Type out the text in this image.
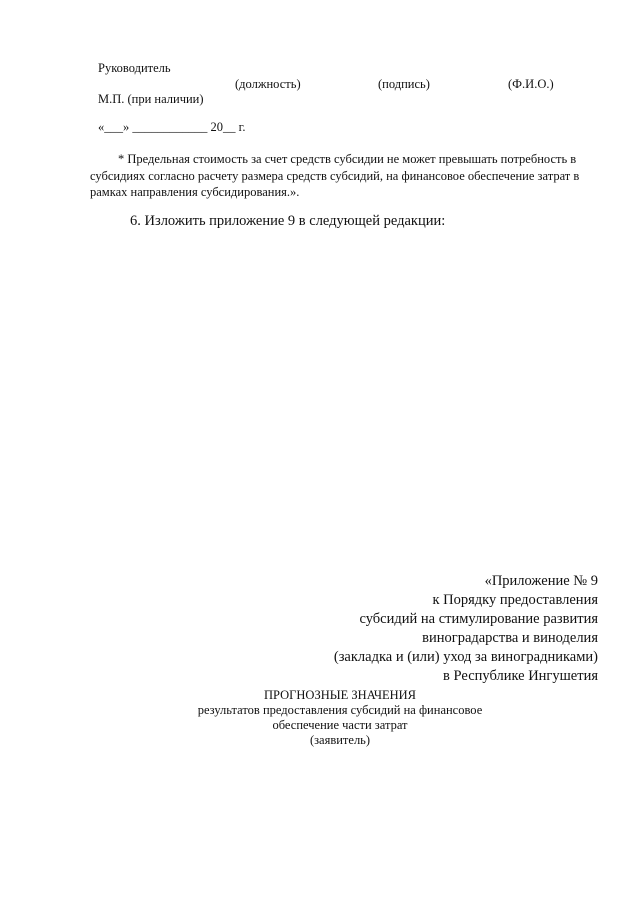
Руководитель
(должность)	(подпись)	(Ф.И.О.)
М.П. (при наличии)
«___» ____________ 20__ г.
* Предельная стоимость за счет средств субсидии не может превышать потребность в субсидиях согласно расчету размера средств субсидий, на финансовое обеспечение затрат в рамках направления субсидирования.».
6. Изложить приложение 9 в следующей редакции:
«Приложение № 9
к Порядку предоставления
субсидий на стимулирование развития
виноградарства и виноделия
(закладка и (или) уход за виноградниками)
в Республике Ингушетия
ПРОГНОЗНЫЕ ЗНАЧЕНИЯ
результатов предоставления субсидий на финансовое
обеспечение части затрат
(заявитель)
